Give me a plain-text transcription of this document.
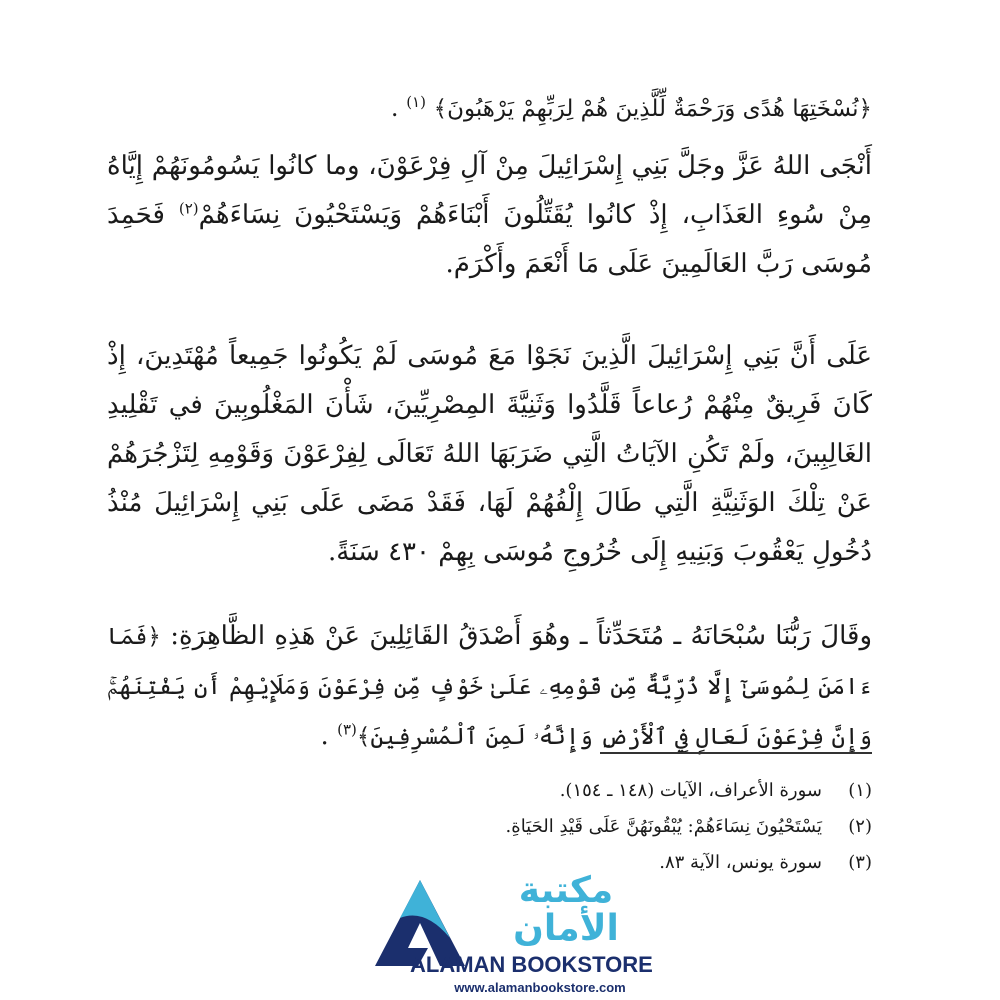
﴿نُسْخَتِهَا هُدًى وَرَحْمَةٌ لِّلَّذِينَ هُمْ لِرَبِّهِمْ يَرْهَبُونَ﴾ $^{(١)}$ .
أَنْجَى اللهُ عَزَّ وجَلَّ بَنِي إِسْرَائِيلَ مِنْ آلِ فِرْعَوْنَ، وما كانُوا يَسُومُونَهُمْ إِيَّاهُ مِنْ سُوءِ العَذَابِ، إِذْ كانُوا يُقَتِّلُونَ أَبْنَاءَهُمْ وَيَسْتَحْيُونَ نِسَاءَهُمْ$^{(٢)}$ فَحَمِدَ مُوسَى رَبَّ العَالَمِينَ عَلَى مَا أَنْعَمَ وأَكْرَمَ.
عَلَى أَنَّ بَنِي إِسْرَائِيلَ الَّذِينَ نَجَوْا مَعَ مُوسَى لَمْ يَكُونُوا جَمِيعاً مُهْتَدِينَ، إِذْ كَانَ فَرِيقٌ مِنْهُمْ رُعاعاً قَلَّدُوا وَثَنِيَّةَ المِصْرِيِّينَ، شَأْنَ المَغْلُوبِينَ في تَقْلِيدِ الغَالِبِينَ، ولَمْ تَكُنِ الآيَاتُ الَّتِي ضَرَبَهَا اللهُ تَعَالَى لِفِرْعَوْنَ وَقَوْمِهِ لِتَزْجُرَهُمْ عَنْ تِلْكَ الوَثَنِيَّةِ الَّتِي طَالَ إِلْفُهُمْ لَهَا، فَقَدْ مَضَى عَلَى بَنِي إِسْرَائِيلَ مُنْذُ دُخُولِ يَعْقُوبَ وَبَنِيهِ إِلَى خُرُوجِ مُوسَى بِهِمْ ٤٣٠ سَنَةً.
وقَالَ رَبُّنَا سُبْحَانَهُ ـ مُتَحَدِّثاً ـ وهُوَ أَصْدَقُ القَائِلِينَ عَنْ هَذِهِ الظَّاهِرَةِ: ﴿فَمَا ءَامَنَ لِمُوسَىٰٓ إِلَّا ذُرِّيَّةٌ مِّن قَوْمِهِۦ عَلَىٰ خَوْفٍ مِّن فِرْعَوْنَ وَمَلَإِيْهِمْ أَن يَفْتِنَهُمْۚ وَإِنَّ فِرْعَوْنَ لَعَالٍ فِي ٱلْأَرْضِ وَإِنَّهُۥ لَمِنَ ٱلْمُسْرِفِينَ﴾$^{(٣)}$ .
(١)سورة الأعراف، الآيات (١٤٨ ـ ١٥٤).
(٢)يَسْتَحْيُونَ نِسَاءَهُمْ: يُبْقُونَهُنَّ عَلَى قَيْدِ الحَيَاةِ.
(٣)سورة يونس، الآية ٨٣.
مكتبة
الأمان
ALAMAN BOOKSTORE
www.alamanbookstore.com
